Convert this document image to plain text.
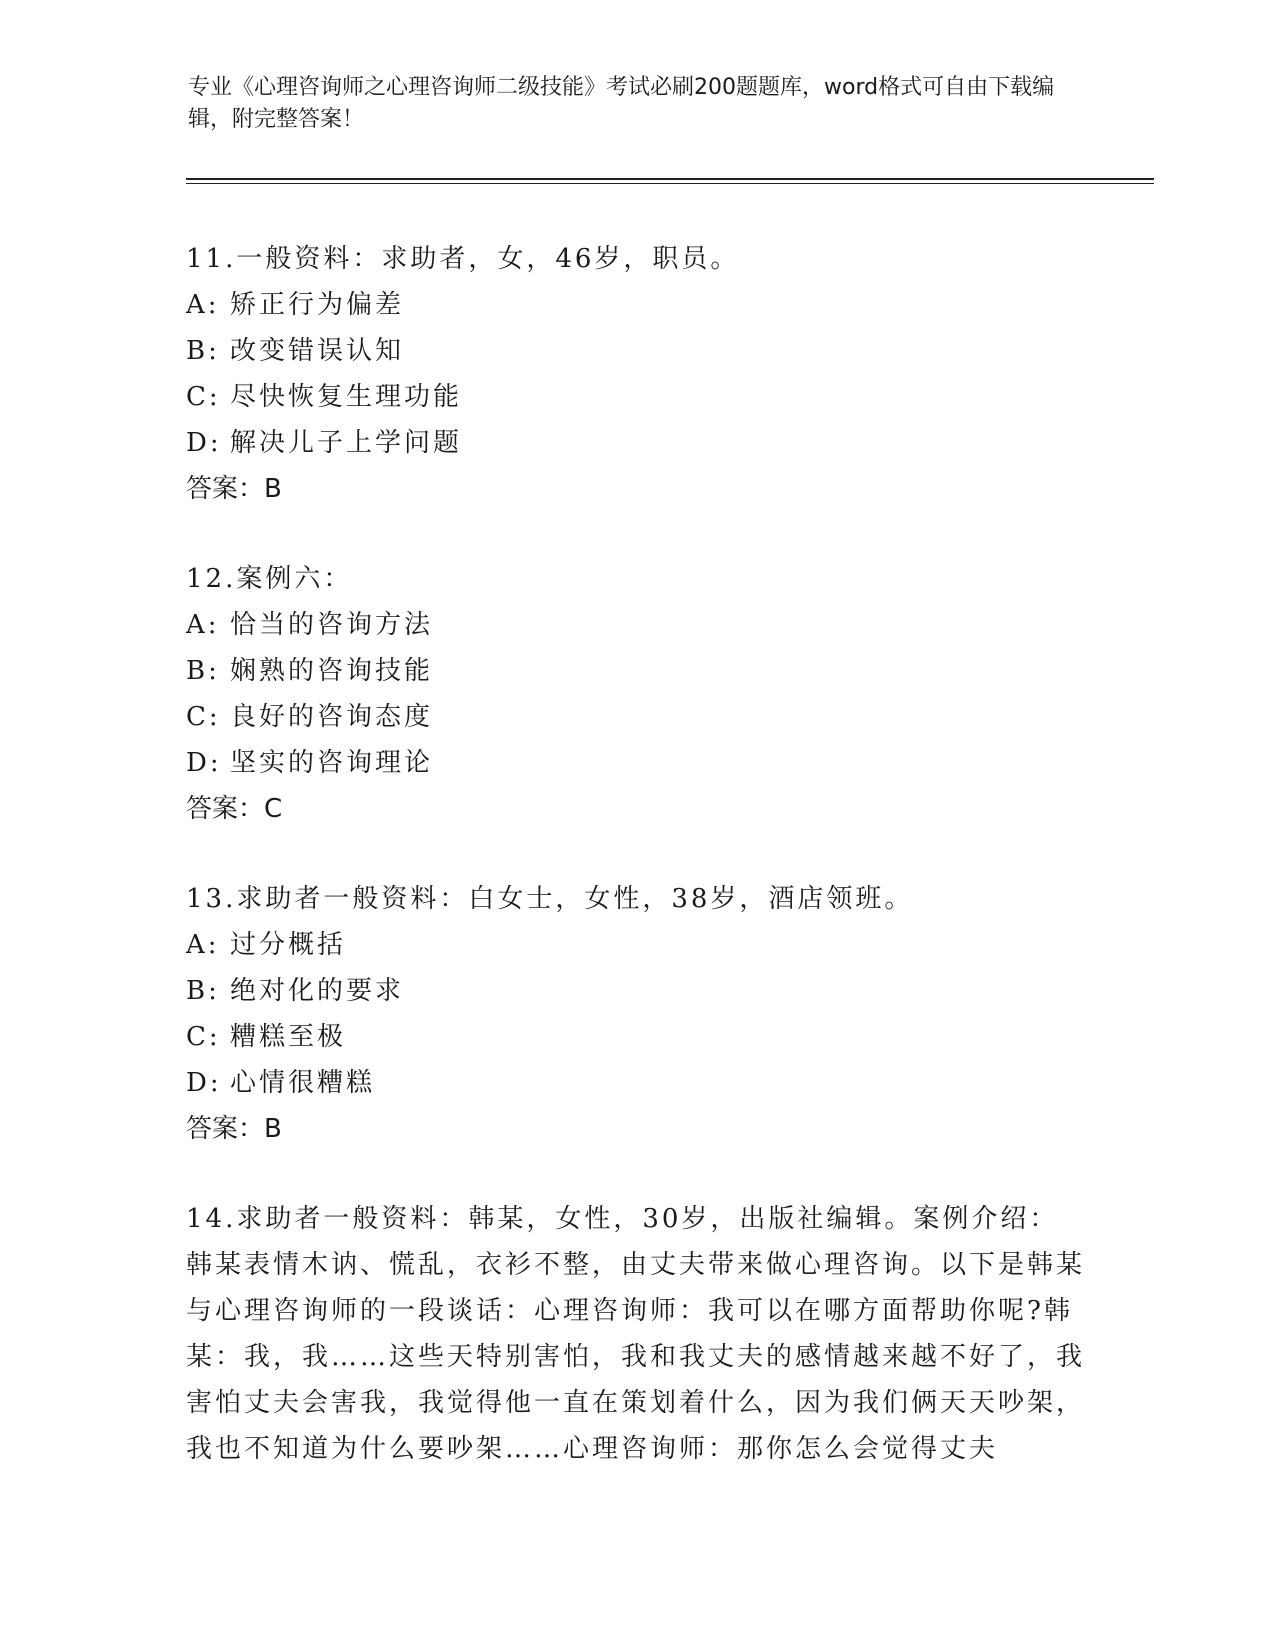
专业《心理咨询师之心理咨询师二级技能》考试必刷200题题库，word格式可自由下载编辑，附完整答案！

11.一般资料：求助者，女，46岁，职员。

A: 矫正行为偏差

B: 改变错误认知

C: 尽快恢复生理功能

D: 解决儿子上学问题

答案：B

12.案例六：

A: 恰当的咨询方法

B: 娴熟的咨询技能

C: 良好的咨询态度

D: 坚实的咨询理论

答案：C

13.求助者一般资料：白女士，女性，38岁，酒店领班。

A: 过分概括

B: 绝对化的要求

C: 糟糕至极

D: 心情很糟糕

答案：B

14.求助者一般资料：韩某，女性，30岁，出版社编辑。案例介绍：韩某表情木讷、慌乱，衣衫不整，由丈夫带来做心理咨询。以下是韩某与心理咨询师的一段谈话：心理咨询师：我可以在哪方面帮助你呢?韩某：我，我……这些天特别害怕，我和我丈夫的感情越来越不好了，我害怕丈夫会害我，我觉得他一直在策划着什么，因为我们俩天天吵架，我也不知道为什么要吵架……心理咨询师：那你怎么会觉得丈夫
